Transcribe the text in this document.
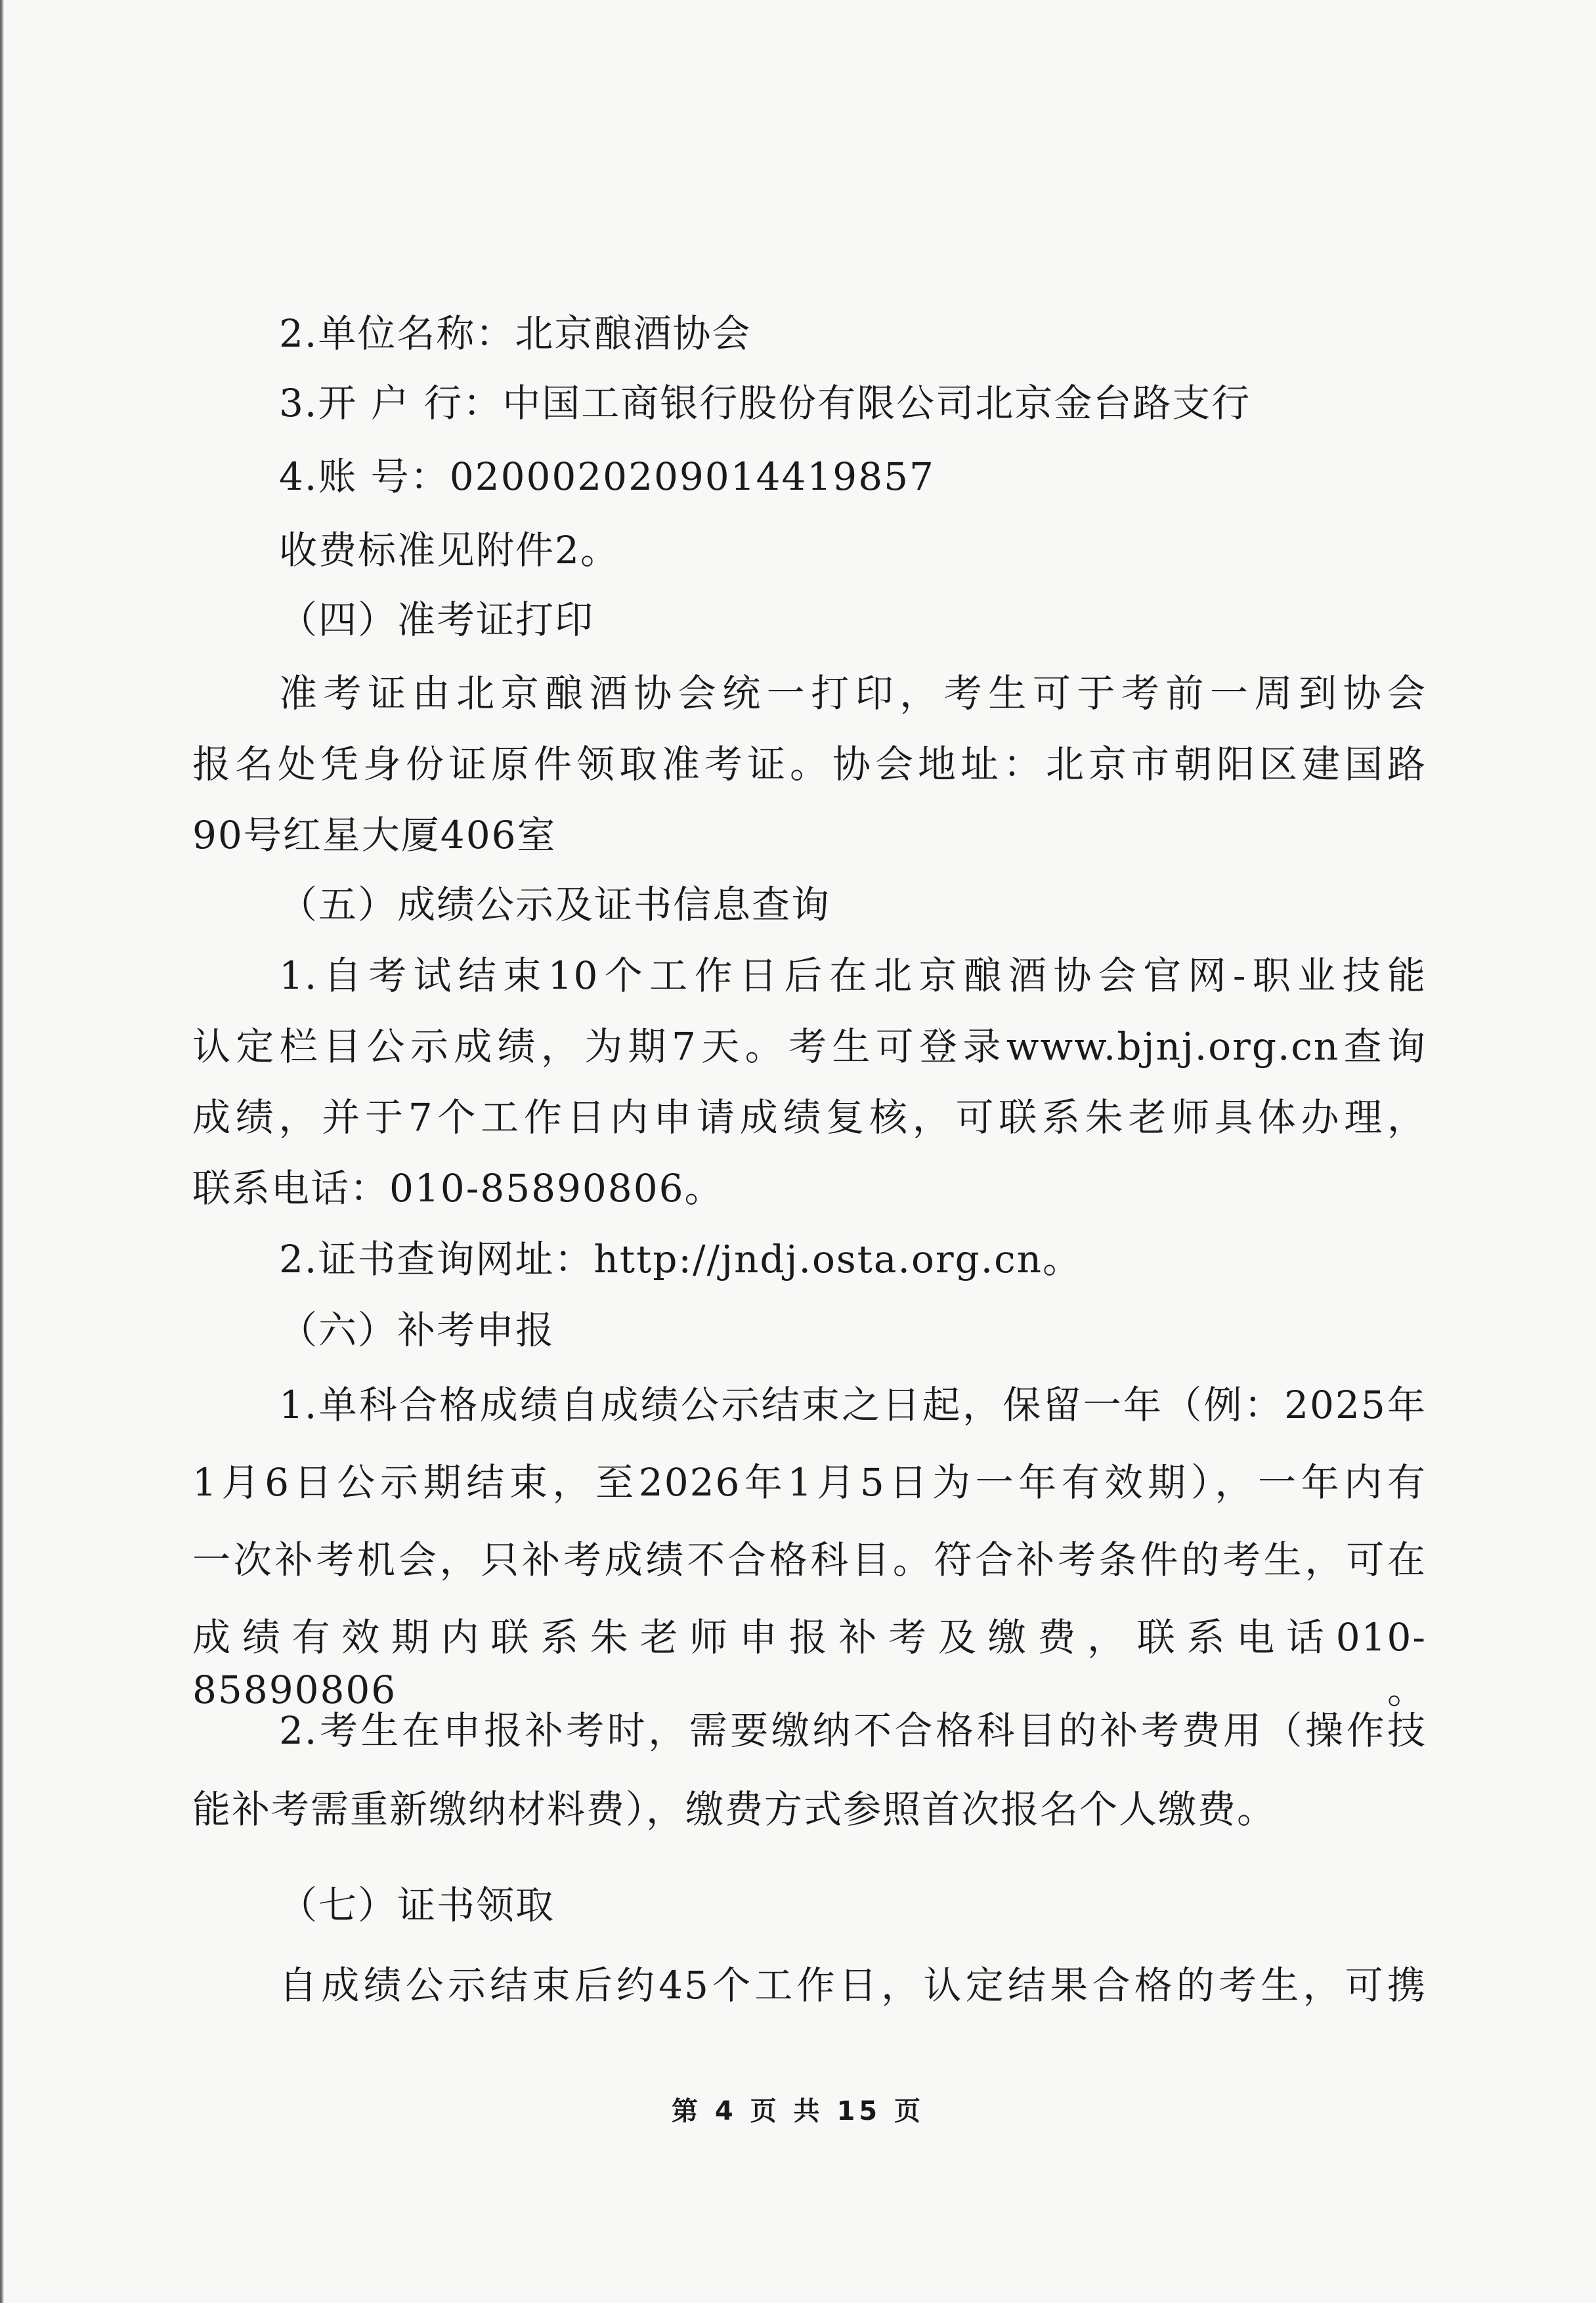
2.单位名称：北京酿酒协会
3.开 户 行：中国工商银行股份有限公司北京金台路支行
4.账 号：0200020209014419857
收费标准见附件2。
（四）准考证打印
准考证由北京酿酒协会统一打印，考生可于考前一周到协会
报名处凭身份证原件领取准考证。协会地址：北京市朝阳区建国路
90号红星大厦406室
（五）成绩公示及证书信息查询
1.自考试结束10个工作日后在北京酿酒协会官网-职业技能
认定栏目公示成绩，为期7天。考生可登录www.bjnj.org.cn查询
成绩，并于7个工作日内申请成绩复核，可联系朱老师具体办理，
联系电话：010-85890806。
2.证书查询网址：http://jndj.osta.org.cn。
（六）补考申报
1.单科合格成绩自成绩公示结束之日起，保留一年（例：2025年
1月6日公示期结束，至2026年1月5日为一年有效期），一年内有
一次补考机会，只补考成绩不合格科目。符合补考条件的考生，可在
成绩有效期内联系朱老师申报补考及缴费，联系电话010-85890806。
2.考生在申报补考时，需要缴纳不合格科目的补考费用（操作技
能补考需重新缴纳材料费），缴费方式参照首次报名个人缴费。
（七）证书领取
自成绩公示结束后约45个工作日，认定结果合格的考生，可携
第 4 页 共 15 页
